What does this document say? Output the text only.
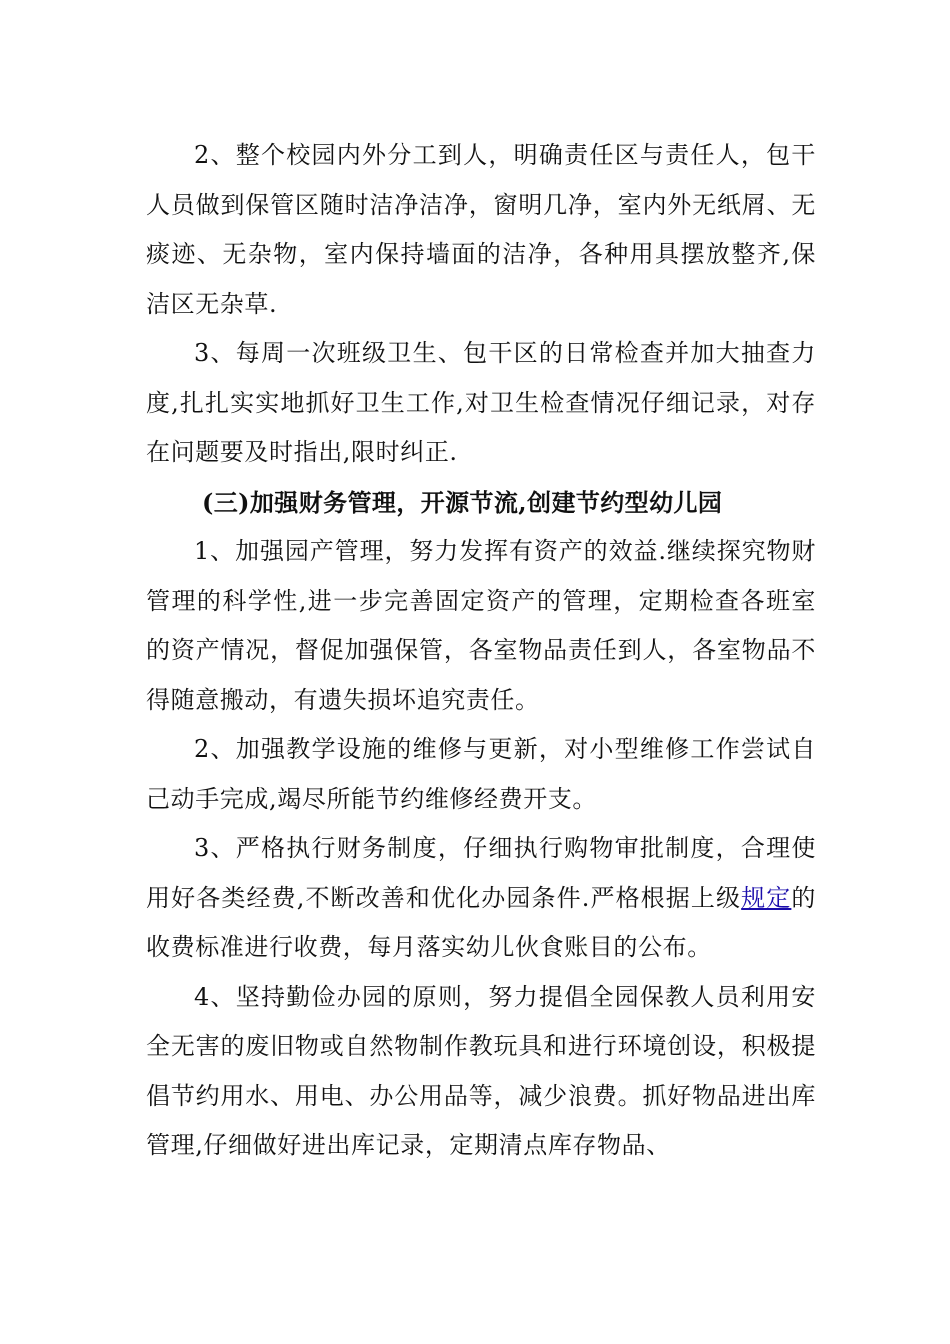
2、整个校园内外分工到人，明确责任区与责任人，包干人员做到保管区随时洁净洁净，窗明几净，室内外无纸屑、无痰迹、无杂物，室内保持墙面的洁净，各种用具摆放整齐,保洁区无杂草.

3、每周一次班级卫生、包干区的日常检查并加大抽查力度,扎扎实实地抓好卫生工作,对卫生检查情况仔细记录，对存在问题要及时指出,限时纠正.

(三)加强财务管理，开源节流,创建节约型幼儿园

1、加强园产管理，努力发挥有资产的效益.继续探究物财管理的科学性,进一步完善固定资产的管理，定期检查各班室的资产情况，督促加强保管，各室物品责任到人，各室物品不得随意搬动，有遗失损坏追究责任。

2、加强教学设施的维修与更新，对小型维修工作尝试自己动手完成,竭尽所能节约维修经费开支。

3、严格执行财务制度，仔细执行购物审批制度，合理使用好各类经费,不断改善和优化办园条件.严格根据上级规定的收费标准进行收费，每月落实幼儿伙食账目的公布。

4、坚持勤俭办园的原则，努力提倡全园保教人员利用安全无害的废旧物或自然物制作教玩具和进行环境创设，积极提倡节约用水、用电、办公用品等，减少浪费。抓好物品进出库管理,仔细做好进出库记录，定期清点库存物品、
